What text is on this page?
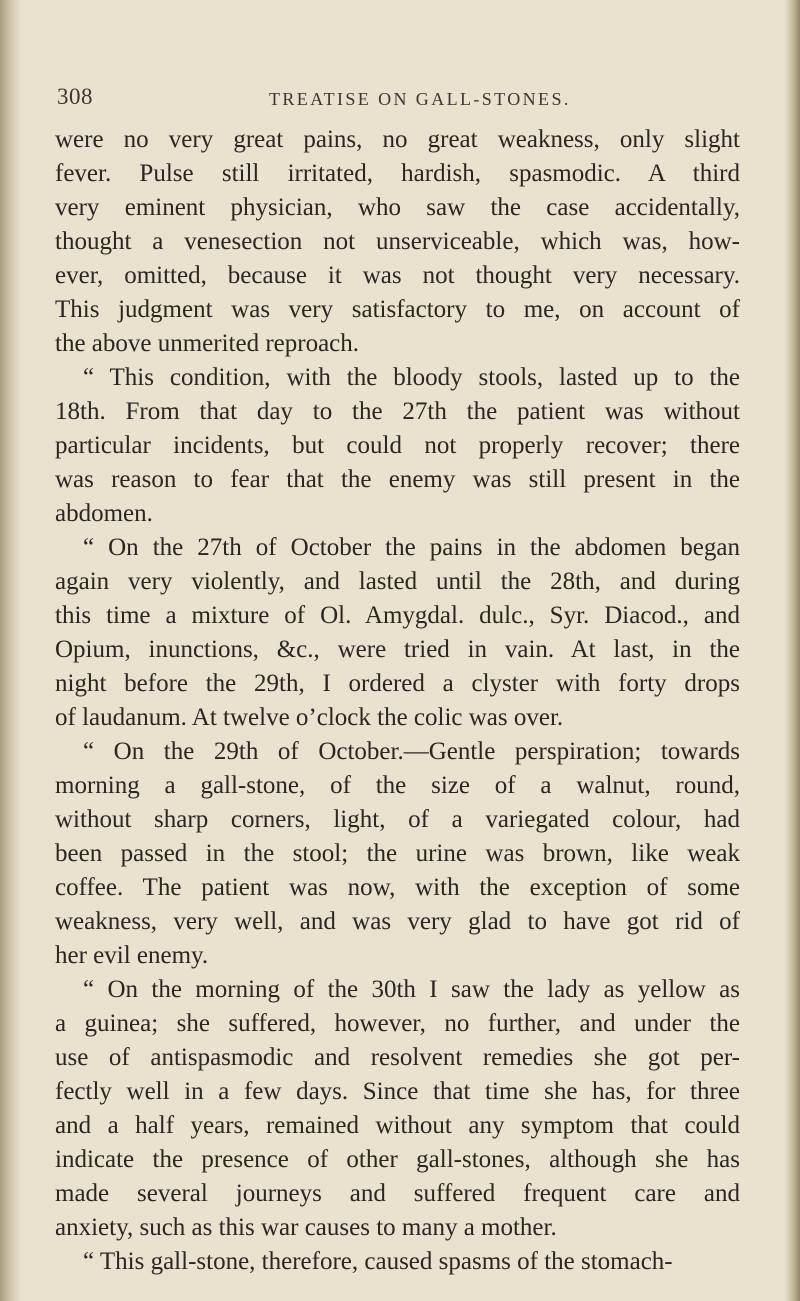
308	TREATISE ON GALL-STONES.
were no very great pains, no great weakness, only slight
fever. Pulse still irritated, hardish, spasmodic. A third
very eminent physician, who saw the case accidentally,
thought a venesection not unserviceable, which was, how-
ever, omitted, because it was not thought very necessary.
This judgment was very satisfactory to me, on account of
the above unmerited reproach.
“ This condition, with the bloody stools, lasted up to the
18th. From that day to the 27th the patient was without
particular incidents, but could not properly recover; there
was reason to fear that the enemy was still present in the
abdomen.
“ On the 27th of October the pains in the abdomen began
again very violently, and lasted until the 28th, and during
this time a mixture of Ol. Amygdal. dulc., Syr. Diacod., and
Opium, inunctions, &c., were tried in vain. At last, in the
night before the 29th, I ordered a clyster with forty drops
of laudanum. At twelve o’clock the colic was over.
“ On the 29th of October.—Gentle perspiration; towards
morning a gall-stone, of the size of a walnut, round,
without sharp corners, light, of a variegated colour, had
been passed in the stool; the urine was brown, like weak
coffee. The patient was now, with the exception of some
weakness, very well, and was very glad to have got rid of
her evil enemy.
“ On the morning of the 30th I saw the lady as yellow as
a guinea; she suffered, however, no further, and under the
use of antispasmodic and resolvent remedies she got per-
fectly well in a few days. Since that time she has, for three
and a half years, remained without any symptom that could
indicate the presence of other gall-stones, although she has
made several journeys and suffered frequent care and
anxiety, such as this war causes to many a mother.
“ This gall-stone, therefore, caused spasms of the stomach-
